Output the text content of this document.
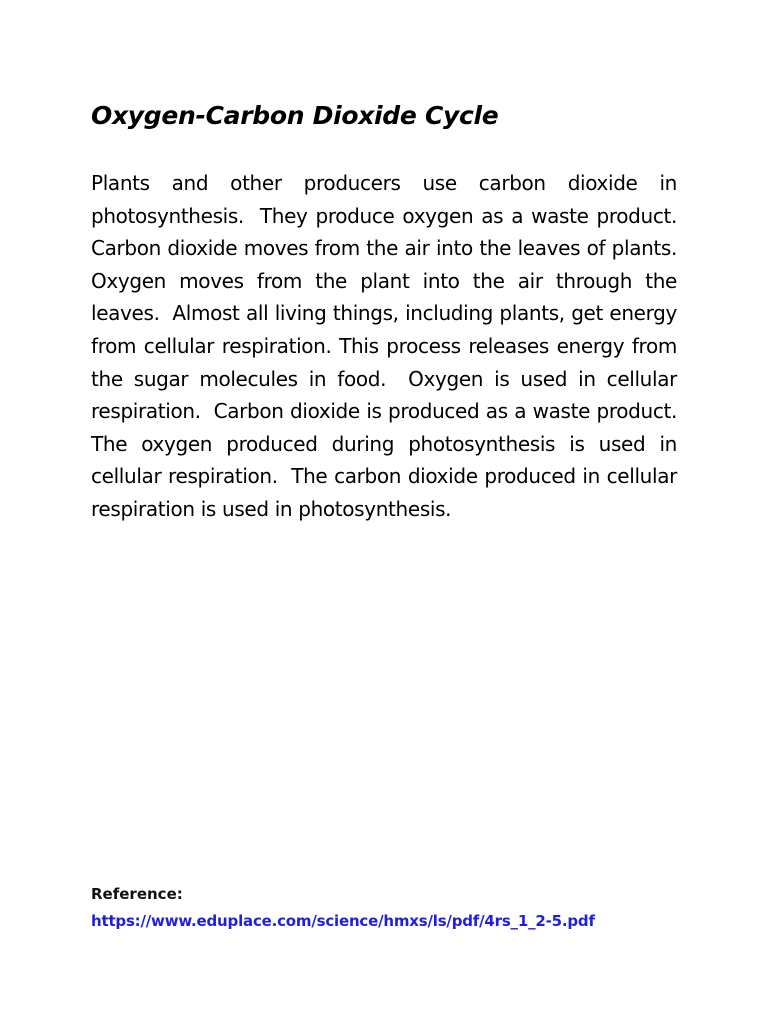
Oxygen-Carbon Dioxide Cycle

Plants and other producers use carbon dioxide in photosynthesis.  They produce oxygen as a waste product.  Carbon dioxide moves from the air into the leaves of plants.  Oxygen moves from the plant into the air through the leaves.  Almost all living things, including plants, get energy from cellular respiration. This process releases energy from the sugar molecules in food.  Oxygen is used in cellular respiration.  Carbon dioxide is produced as a waste product.  The oxygen produced during photosynthesis is used in cellular respiration.  The carbon dioxide produced in cellular respiration is used in photosynthesis.

Reference:
https://www.eduplace.com/science/hmxs/ls/pdf/4rs_1_2-5.pdf
